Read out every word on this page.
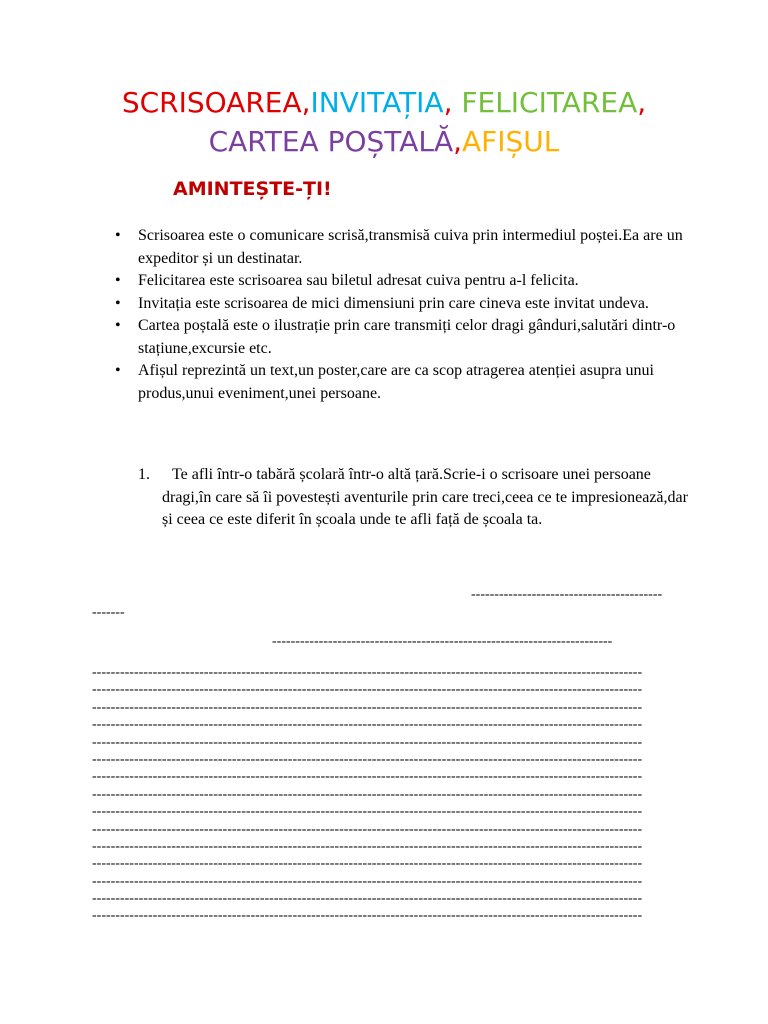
SCRISOAREA,INVITAȚIA, FELICITAREA,
CARTEA POȘTALĂ,AFIȘUL
AMINTEȘTE-ȚI!
• Scrisoarea este o comunicare scrisă,transmisă cuiva prin intermediul poștei.Ea are un expeditor și un destinatar.
• Felicitarea este scrisoarea sau biletul adresat cuiva pentru a-l felicita.
• Invitația este scrisoarea de mici dimensiuni prin care cineva este invitat undeva.
• Cartea poștală este o ilustrație prin care transmiți celor dragi gânduri,salutări dintr-o stațiune,excursie etc.
• Afișul reprezintă un text,un poster,care are ca scop atragerea atenției asupra unui produs,unui eveniment,unei persoane.
1.	Te afli într-o tabără școlară într-o altă țară.Scrie-i o scrisoare unei persoane dragi,în care să îi povestești aventurile prin care treci,ceea ce te impresionează,dar și ceea ce este diferit în școala unde te afli față de școala ta.

-----------------------------------------
-------
-------------------------------------------------------------------------
----------------------------------------------------------------------------------------------------------------------
----------------------------------------------------------------------------------------------------------------------
----------------------------------------------------------------------------------------------------------------------
----------------------------------------------------------------------------------------------------------------------
----------------------------------------------------------------------------------------------------------------------
----------------------------------------------------------------------------------------------------------------------
----------------------------------------------------------------------------------------------------------------------
----------------------------------------------------------------------------------------------------------------------
----------------------------------------------------------------------------------------------------------------------
----------------------------------------------------------------------------------------------------------------------
----------------------------------------------------------------------------------------------------------------------
----------------------------------------------------------------------------------------------------------------------
----------------------------------------------------------------------------------------------------------------------
----------------------------------------------------------------------------------------------------------------------
----------------------------------------------------------------------------------------------------------------------
